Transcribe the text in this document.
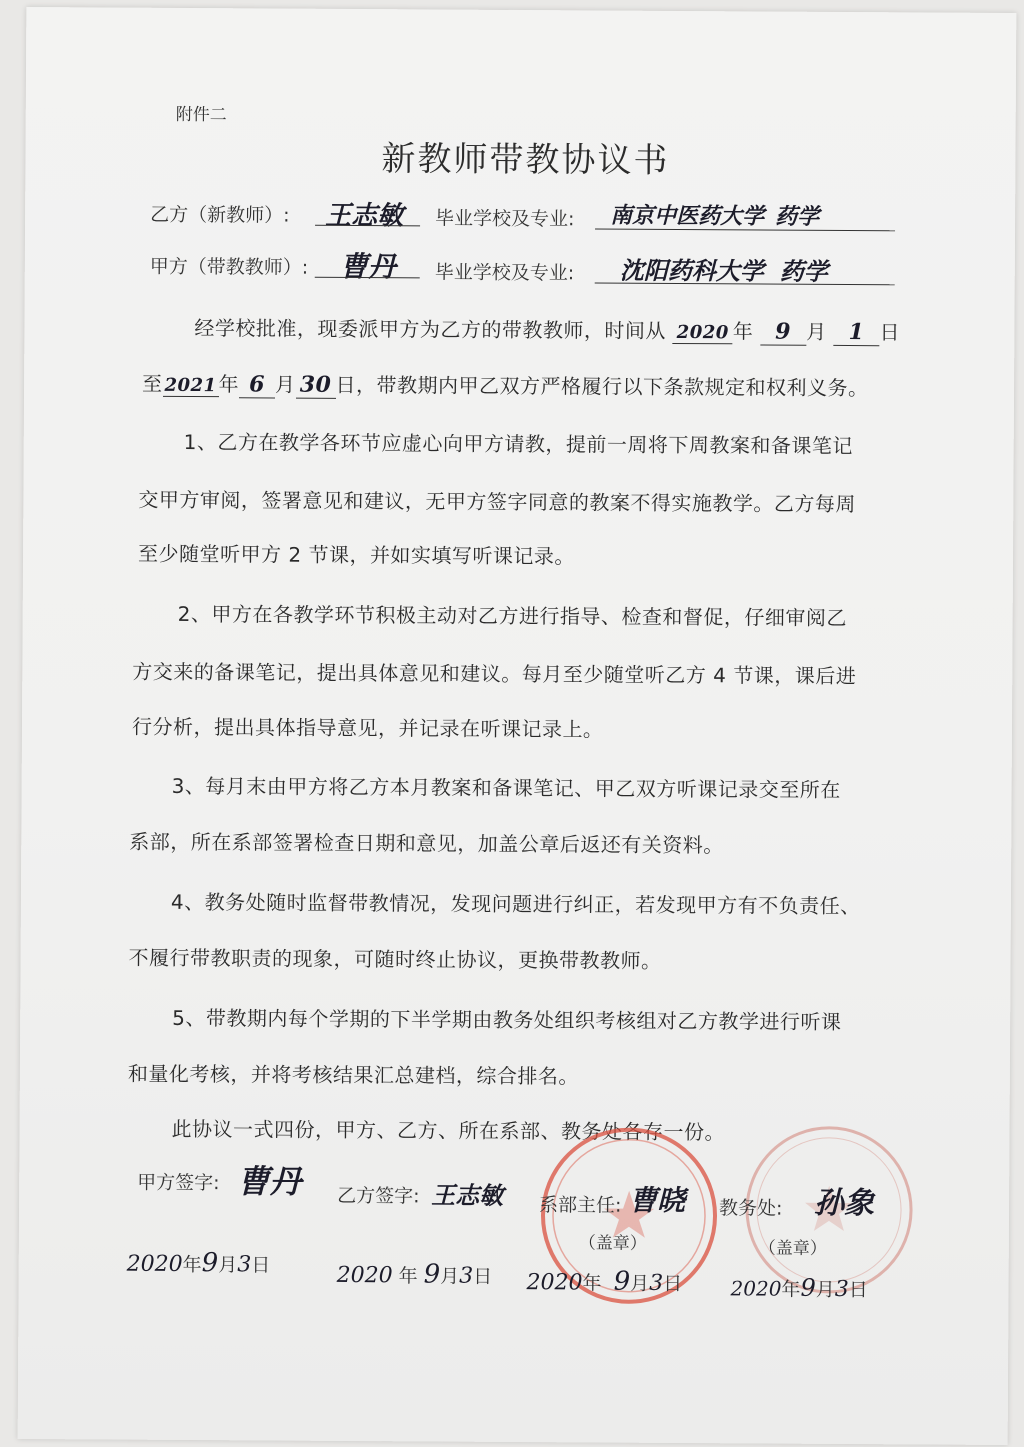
附件二
新教师带教协议书
乙方（新教师）: 王志敏 毕业学校及专业: 南京中医药大学 药学
甲方（带教教师）: 曹丹 毕业学校及专业: 沈阳药科大学 药学
经学校批准，现委派甲方为乙方的带教教师，时间从 2020 年 9 月 1 日
至2021年 6 月 30 日，带教期内甲乙双方严格履行以下条款规定和权利义务。
1、乙方在教学各环节应虚心向甲方请教，提前一周将下周教案和备课笔记
交甲方审阅，签署意见和建议，无甲方签字同意的教案不得实施教学。乙方每周
至少随堂听甲方 2 节课，并如实填写听课记录。
2、甲方在各教学环节积极主动对乙方进行指导、检查和督促，仔细审阅乙
方交来的备课笔记，提出具体意见和建议。每月至少随堂听乙方 4 节课，课后进
行分析，提出具体指导意见，并记录在听课记录上。
3、每月末由甲方将乙方本月教案和备课笔记、甲乙双方听课记录交至所在
系部，所在系部签署检查日期和意见，加盖公章后返还有关资料。
4、教务处随时监督带教情况，发现问题进行纠正，若发现甲方有不负责任、
不履行带教职责的现象，可随时终止协议，更换带教教师。
5、带教期内每个学期的下半学期由教务处组织考核组对乙方教学进行听课
和量化考核，并将考核结果汇总建档，综合排名。
此协议一式四份，甲方、乙方、所在系部、教务处各存一份。
甲方签字: 曹丹 乙方签字: 王志敏 系部主任: 曹晓 教务处: 孙象
（盖章）	（盖章）
2020年9月3日	2020 年 9月3日 2020年 9月3日 2020年9月3日
